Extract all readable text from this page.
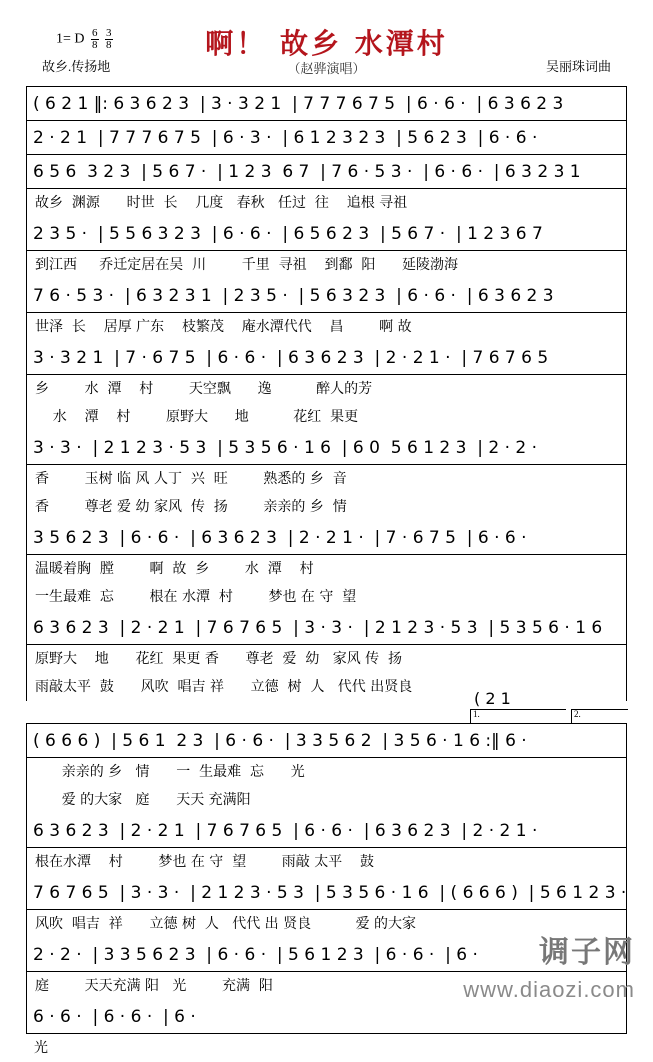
1= D $\frac{6}{8}$
$\frac{3}{8}$
故乡.传扬地
啊！ 故乡 水潭村
（赵骅演唱）	吴丽珠词曲
( 6 2 1 ‖: 6 3 6 2 3  | 3 · 3 2 1  | 7 7 7 6 7 5  | 6 · 6 ·  | 6 3 6 2 3
2 · 2 1  | 7 7 7 6 7 5  | 6 · 3 ·  | 6 1 2 3 2 3  | 5 6 2 3  | 6 · 6 ·
6 5 6  3 2 3  | 5 6 7 ·  | 1 2 3  6 7  | 7 6 · 5 3 ·  | 6 · 6 ·  | 6 3 2 3 1
故乡  渊源      时世  长    几度   春秋   任过  往    追根 寻祖
2 3 5 ·  | 5 5 6 3 2 3  | 6 · 6 ·  | 6 5 6 2 3  | 5 6 7 ·  | 1 2 3 6 7
到江西     乔迁定居在吴  川        千里  寻祖    到鄱  阳      延陵渤海
7 6 · 5 3 ·  | 6 3 2 3 1  | 2 3 5 ·  | 5 6 3 2 3  | 6 · 6 ·  | 6 3 6 2 3
世泽  长    居厚 广东    枝繁茂    庵水潭代代    昌        啊 故
3 · 3 2 1  | 7 · 6 7 5  | 6 · 6 ·  | 6 3 6 2 3  | 2 · 2 1 ·  | 7 6 7 6 5
乡        水  潭    村        天空飘      逸          醉人的芳
水    潭    村        原野大      地          花红  果更
3 · 3 ·  | 2 1 2 3 · 5 3  | 5 3 5 6 · 1 6  | 6 0  5 6 1 2 3  | 2 · 2 ·
香        玉树 临 风 人丁  兴  旺        熟悉的 乡  音
香        尊老 爱 幼 家风  传  扬        亲亲的 乡  情
3 5 6 2 3  | 6 · 6 ·  | 6 3 6 2 3  | 2 · 2 1 ·  | 7 · 6 7 5  | 6 · 6 ·
温暖着胸  膛        啊  故  乡        水  潭    村
一生最难  忘        根在 水潭  村        梦也 在 守  望
6 3 6 2 3  | 2 · 2 1  | 7 6 7 6 5  | 3 · 3 ·  | 2 1 2 3 · 5 3  | 5 3 5 6 · 1 6
原野大    地      花红  果更 香      尊老  爱  幼   家风 传  扬
雨敲太平  鼓      风吹  唱吉 祥      立德  树  人   代代 出贤良
( 2 1
1.	2.
( 6 6 6 )  | 5 6 1  2 3  | 6 · 6 ·  | 3 3 5 6 2  | 3 5 6 · 1 6 :‖ 6 ·
亲亲的 乡   情      一  生最难  忘      光
爱 的大家   庭      天天 充满阳
6 3 6 2 3  | 2 · 2 1  | 7 6 7 6 5  | 6 · 6 ·  | 6 3 6 2 3  | 2 · 2 1 ·
根在水潭    村        梦也 在 守  望        雨敲 太平    鼓
7 6 7 6 5  | 3 · 3 ·  | 2 1 2 3 · 5 3  | 5 3 5 6 · 1 6  | ( 6 6 6 )  | 5 6 1 2 3 ·
风吹  唱吉  祥      立德 树  人   代代 出 贤良          爱 的大家
2 · 2 ·  | 3 3 5 6 2 3  | 6 · 6 ·  | 5 6 1 2 3  | 6 · 6 ·  | 6 ·
庭        天天充满 阳   光        充满  阳
6 · 6 ·  | 6 · 6 ·  | 6 ·
光
调子网
www.diaozi.com
